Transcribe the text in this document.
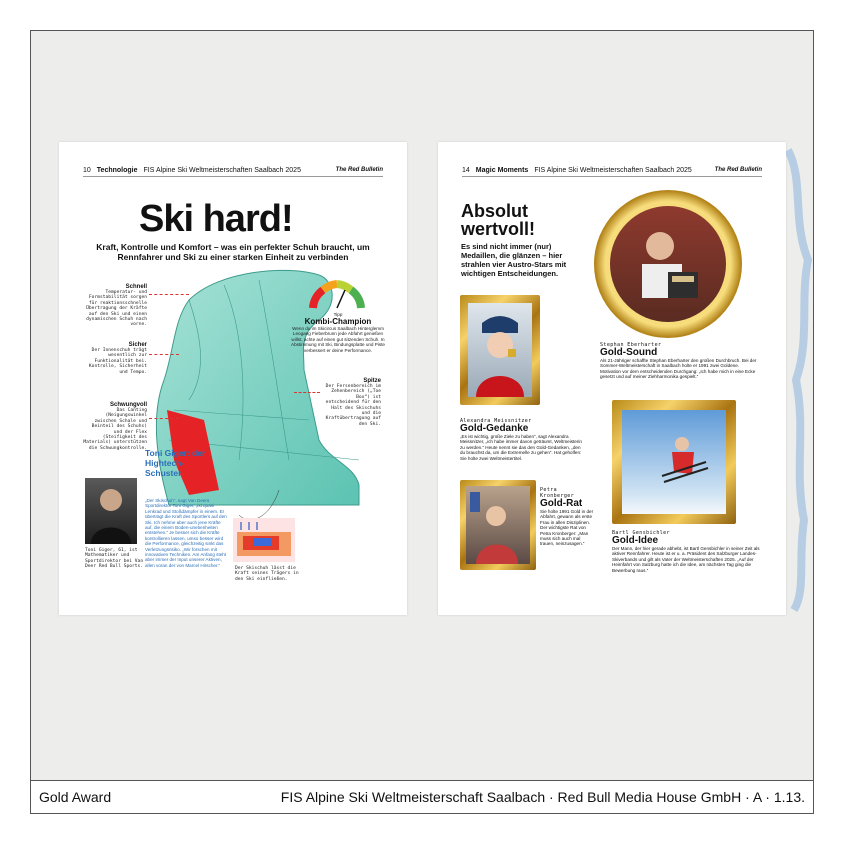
10 Technologie FIS Alpine Ski Weltmeisterschaften Saalbach 2025	The Red Bulletin
Ski hard!
Kraft, Kontrolle und Komfort – was ein perfekter Schuh braucht, um Rennfahrer und Ski zu einer starken Einheit zu verbinden
Schnell
Temperatur- und Formstabilität sorgen für reaktionsschnelle Übertragung der Kräfte auf den Ski und einen dynamischen Schuh nach vorne.
Sicher
Der Innenschuh trägt wesentlich zur Funktionalität bei. Kontrolle, Sicherheit und Tempo.
Schwungvoll
Das Canting (Neigungswinkel zwischen Schale und Beinteil des Schuhs) und der Flex (Steifigkeit des Materials) unterstützen die Schwungkontrolle.
Spitze
Der Fersenbereich im Zehenbereich („Toe Box“) ist entscheidend für den Halt des Skischuhs und die Kraftübertragung auf den Ski.
Tipp
Kombi-Champion
Wenn du im Skicircus Saalbach Hinterglemm Leogang Fieberbrunn jede Abfahrt genießen willst, achte auf einen gut sitzenden Schuh. In Abstimmung mit Ski, Bindungsplatte und Piste verbessert er deine Performance.
Toni Giger, 61, ist Mathematiker und Sportdirektor bei Van Deer Red Bull Sports.
Toni Giger: der Hightech-Schuster
„Der Skischuh“, sagt Van Deers Sportdirektor Toni Giger, „ist quasi Lenkrad und Stoßdämpfer in einem. Er überträgt die Kraft des Sportlers auf den Ski. Ich nehme aber auch jene Kräfte auf, die einem Boden-unebenheiten entstehen.“ Je besser sich die Kräfte kontrollieren lassen, umso besser wird die Performance, gleichzeitig sinkt das Verletzungsrisiko. „Wir forschen mit innovativen Techniken. Am Anfang steht aber immer der Input unserer Aktiven, allen voran der von Marcel Hirscher.“
Der Skischuh lässt die Kraft seines Trägers in den Ski einfließen.
14 Magic Moments FIS Alpine Ski Weltmeisterschaften Saalbach 2025	The Red Bulletin
Absolut wertvoll!
Es sind nicht immer (nur) Medaillen, die glänzen – hier strahlen vier Austro-Stars mit wichtigen Entscheidungen.
Stephan Eberharter
Gold-Sound
Als 21-Jähriger schaffte Stephan Eberharter den großen Durchbruch. Bei der Sommer-Weltmeisterschaft in Saalbach holte er 1991 zwei Goldene. Motivation vor dem entscheidenden Durchgang: „Ich habe mich in eine Ecke gesetzt und auf meiner Ziehharmonika gespielt.“
Alexandra Meissnitzer
Gold-Gedanke
„Es ist wichtig, große Ziele zu haben“, sagt Alexandra Meissnitzer, „ich habe immer davon geträumt, Weltmeisterin zu werden.“ Heute nennt sie das den Gold-Gedanken, „den du brauchst da, um die Extremelle zu gehen“. Hat geholfen: Sie holte zwei Weltmeistertitel.
Petra Kronberger
Gold-Rat
Sie holte 1991 Gold in der Abfahrt, gewann als erste Frau in allen Disziplinen. Der wichtigste Rat von Petra Kronberger: „Man muss sich auch mal trauen, neinzusagen.“
Bartl Gensbichler
Gold-Idee
Der Mann, der hier gerade abhebt, ist Bartl Gensbichler in seiner Zeit als aktiver Rennfahrer. Heute ist er u. a. Präsident des Salzburger Landes-Skiverbands und gilt als Vater der Weltmeisterschaften 2025. „Auf der Heimfahrt von Salzburg hatte ich die Idee, am nächsten Tag ging die Bewerbung raus.“
Gold Award	FIS Alpine Ski Weltmeisterschaft Saalbach · Red Bull Media House GmbH · A · 1.13.
